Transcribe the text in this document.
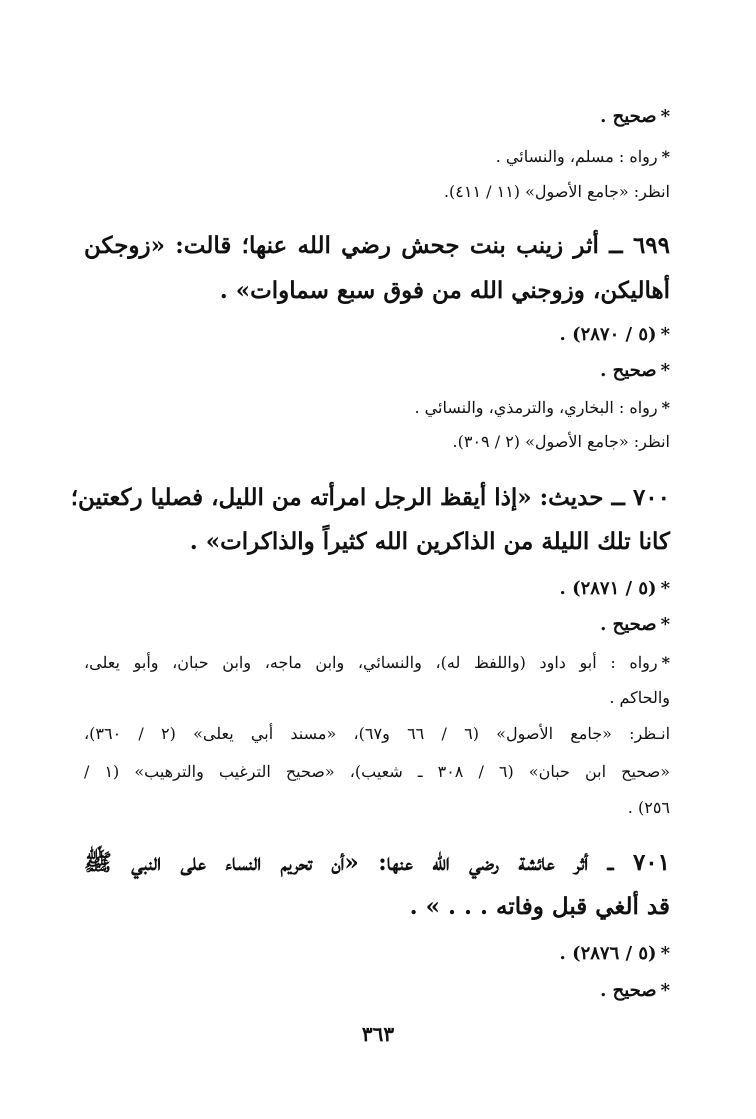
*صحيح .
*رواه : مسلم، والنسائي .
انظر: «جامع الأصول» (١١ / ٤١١).
٦٩٩ ــ أثر زينب بنت جحش رضي الله عنها؛ قالت: «زوجكن
أهاليكن، وزوجني الله من فوق سبع سماوات» .
*(٥ / ٢٨٧٠) .
*صحيح .
*رواه : البخاري، والترمذي، والنسائي .
انظر: «جامع الأصول» (٢ / ٣٠٩).
٧٠٠ ــ حديث: «إذا أيقظ الرجل امرأته من الليل، فصليا ركعتين؛
كانا تلك الليلة من الذاكرين الله كثيراً والذاكرات» .
*(٥ / ٢٨٧١) .
*صحيح .
*رواه : أبو داود (واللفظ له)، والنسائي، وابن ماجه، وابن حبان، وأبو يعلى،
والحاكم .
انـظر: «جامع الأصول» (٦ / ٦٦ و٦٧)، «مسند أبي يعلى» (٢ / ٣٦٠)،
«صحيح ابن حبان» (٦ / ٣٠٨ ـ شعيب)، «صحيح الترغيب والترهيب» (١ /
٢٥٦) .
٧٠١ ــ أثر عائشة رضي الله عنها: «أن تحريم النساء على النبي ﷺ
قد ألغي قبل وفاته . . . » .
*(٥ / ٢٨٧٦) .
*صحيح .
٣٦٣
